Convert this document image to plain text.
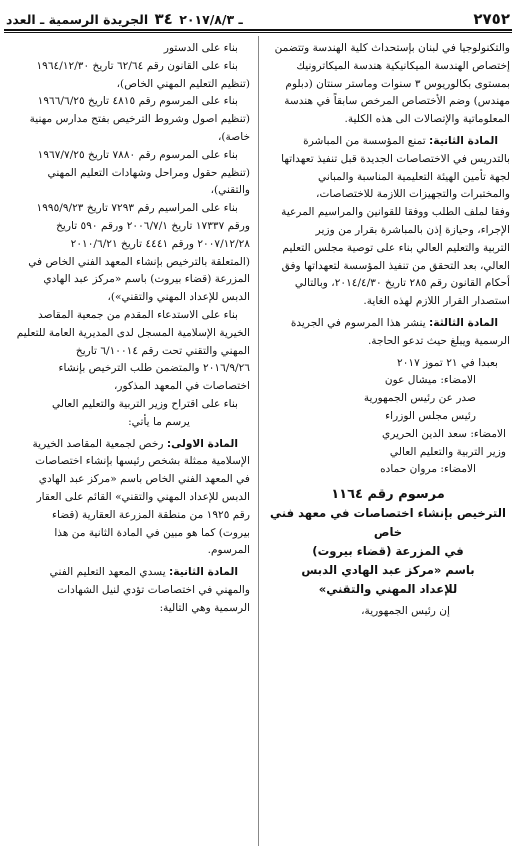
ـ ٢٠١٧/٨/٣ ٣٤ الجريدة الرسمية ـ العدد	٢٧٥٢

والتكنولوجيا في لبنان بإستحداث كلية الهندسة وتتضمن

إختصاص الهندسة الميكانيكية هندسة الميكاترونيك

بمستوى بكالوريوس ٣ سنوات وماستر سنتان (دبلوم

مهندس) وضم الأختصاص المرخص سابقاً في هندسة

المعلوماتية والإتصالات الى هذه الكلية.

المادة الثانية: تمنع المؤسسة من المباشرة

بالتدريس في الاختصاصات الجديدة قبل تنفيذ تعهداتها

لجهة تأمين الهيئة التعليمية المناسبة والمباني

والمختبرات والتجهيزات اللازمة للاختصاصات،

وفقا لملف الطلب ووفقا للقوانين والمراسيم المرعية

الإجراء، وحيازة إذن بالمباشرة بقرار من وزير

التربية والتعليم العالي بناء على توصية مجلس التعليم

العالي، بعد التحقق من تنفيذ المؤسسة لتعهداتها وفق

أحكام القانون رقم ٢٨٥ تاريخ ٢٠١٤/٤/٣٠، وبالتالي

استصدار القرار اللازم لهذه الغاية.

المادة الثالثة: ينشر هذا المرسوم في الجريدة

الرسمية ويبلغ حيث تدعو الحاجة.

بعبدا في ٢١ تموز ٢٠١٧

الامضاء: ميشال عون

صدر عن رئيس الجمهورية

رئيس مجلس الوزراء

الامضاء: سعد الدين الحريري

وزير التربية والتعليم العالي

الامضاء: مروان حماده

مرسوم رقم ١١٦٤

الترخيص بإنشاء اختصاصات في معهد فني خاص

في المزرعة (قضاء بيروت)

باسم «مركز عبد الهادي الدبس

للإعداد المهني والتقني»

إن رئيس الجمهورية،

بناء على الدستور

بناء على القانون رقم ٦٢/٦٤ تاريخ ١٩٦٤/١٢/٣٠

(تنظيم التعليم المهني الخاص)،

بناء على المرسوم رقم ٤٨١٥ تاريخ ١٩٦٦/٦/٢٥

(تنظيم اصول وشروط الترخيص بفتح مدارس مهنية

خاصة)،

بناء على المرسوم رقم ٧٨٨٠ تاريخ ١٩٦٧/٧/٢٥

(تنظيم حقول ومراحل وشهادات التعليم المهني

والتقني)،

بناء على المراسيم رقم ٧٢٩٣ تاريخ ١٩٩٥/٩/٢٣

ورقم ١٧٣٣٧ تاريخ ٢٠٠٦/٧/١ ورقم ٥٩٠ تاريخ

٢٠٠٧/١٢/٢٨ ورقم ٤٤٤١ تاريخ ٢٠١٠/٦/٢١

(المتعلقة بالترخيص بإنشاء المعهد الفني الخاص في

المزرعة (قضاء بيروت) باسم «مركز عبد الهادي

الدبس للإعداد المهني والتقني»)،

بناء على الاستدعاء المقدم من جمعية المقاصد

الخيرية الإسلامية المسجل لدى المديرية العامة للتعليم

المهني والتقني تحت رقم ٦/١٠٠١٤ تاريخ

٢٠١٦/٩/٢٦ والمتضمن طلب الترخيص بإنشاء

اختصاصات في المعهد المذكور،

بناء على اقتراح وزير التربية والتعليم العالي

يرسم ما يأتي:

المادة الاولى: رخص لجمعية المقاصد الخيرية

الإسلامية ممثلة بشخص رئيسها بإنشاء اختصاصات

في المعهد الفني الخاص باسم «مركز عبد الهادي

الدبس للإعداد المهني والتقني» القائم على العقار

رقم ١٩٢٥ من منطقة المزرعة العقارية (قضاء

بيروت) كما هو مبين في المادة الثانية من هذا

المرسوم.

المادة الثانية: يسدي المعهد التعليم الفني

والمهني في اختصاصات تؤدي لنيل الشهادات

الرسمية وهي التالية:
